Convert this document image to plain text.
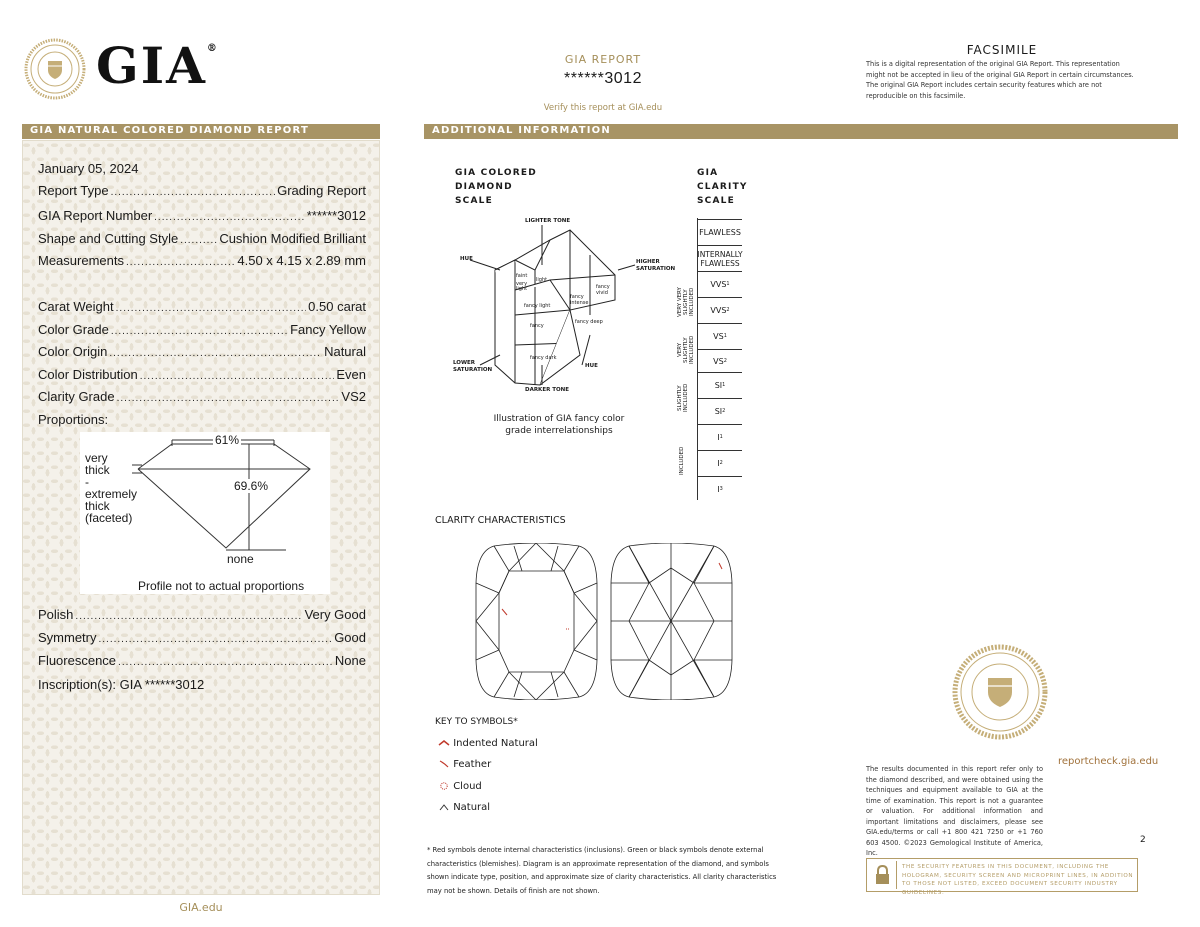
GIA®
GIA REPORT
******3012
Verify this report at GIA.edu
FACSIMILE
This is a digital representation of the original GIA Report. This representation might not be accepted in lieu of the original GIA Report in certain circumstances. The original GIA Report includes certain security features which are not reproducible on this facsimile.
GIA NATURAL COLORED DIAMOND REPORT
January 05, 2024
Report Type .....	Grading Report
GIA Report Number .....	******3012
Shape and Cutting Style .....	Cushion Modified Brilliant
Measurements .....	4.50 x 4.15 x 2.89 mm
Carat Weight .....	0.50 carat
Color Grade .....	Fancy Yellow
Color Origin .....	Natural
Color Distribution .....	Even
Clarity Grade .....	VS2
Proportions:
61%
69.6%
very
thick
-
extremely
thick
(faceted)
none
Profile not to actual proportions
Polish .....	Very Good
Symmetry .....	Good
Fluorescence .....	None
Inscription(s): GIA ******3012
GIA.edu
ADDITIONAL INFORMATION
GIA COLORED
DIAMOND
SCALE
GIA
CLARITY
SCALE
LIGHTER TONE
HUE	HIGHER
SATURATION
LOWER
SATURATION
DARKER TONE
HUE
faint
very light
light
fancy light
fancy
fancy intense
fancy vivid
fancy dark
fancy deep
Illustration of GIA fancy color
grade interrelationships
FLAWLESS
INTERNALLY FLAWLESS
VVS 1
VVS 2
VS 1
VS 2
SI 1
SI 2
I 1
I 2
I 3
VERY VERY SLIGHTLY INCLUDED
VERY SLIGHTLY INCLUDED
SLIGHTLY INCLUDED
INCLUDED
CLARITY CHARACTERISTICS
KEY TO SYMBOLS*
Indented Natural
Feather
Cloud
Natural
* Red symbols denote internal characteristics (inclusions). Green or black symbols denote external characteristics (blemishes). Diagram is an approximate representation of the diamond, and symbols shown indicate type, position, and approximate size of clarity characteristics. All clarity characteristics may not be shown. Details of finish are not shown.
The results documented in this report refer only to the diamond described, and were obtained using the techniques and equipment available to GIA at the time of examination. This report is not a guarantee or valuation. For additional information and important limitations and disclaimers, please see GIA.edu/terms or call +1 800 421 7250 or +1 760 603 4500. ©2023 Gemological Institute of America, Inc.
reportcheck.gia.edu
2
THE SECURITY FEATURES IN THIS DOCUMENT, INCLUDING THE HOLOGRAM, SECURITY SCREEN AND MICROPRINT LINES, IN ADDITION TO THOSE NOT LISTED, EXCEED DOCUMENT SECURITY INDUSTRY GUIDELINES.
